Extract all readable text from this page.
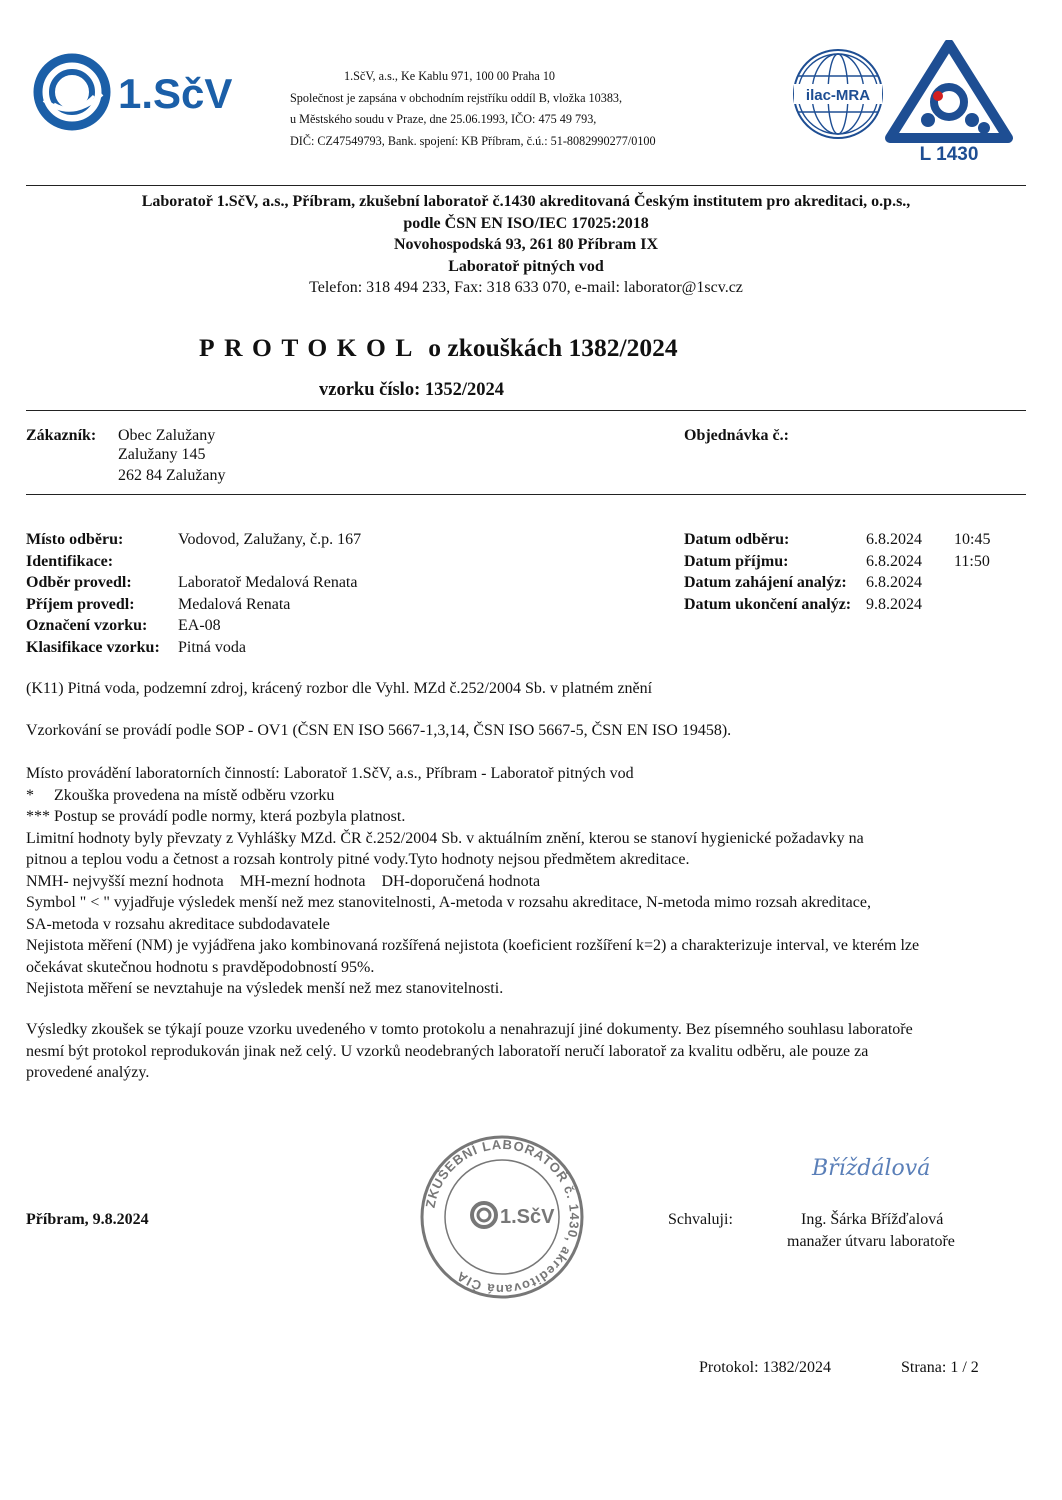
1.SčV	1.SčV, a.s., Ke Kablu 971, 100 00 Praha 10
Společnost je zapsána v obchodním rejstříku oddíl B, vložka 10383,
u Městského soudu v Praze, dne 25.06.1993, IČO: 475 49 793,
DIČ: CZ47549793, Bank. spojení: KB Příbram, č.ú.: 51-8082990277/0100
ilac-MRA
L 1430
Laboratoř 1.SčV, a.s., Příbram, zkušební laboratoř č.1430 akreditovaná Českým institutem pro akreditaci, o.p.s.,
podle ČSN EN ISO/IEC 17025:2018
Novohospodská 93, 261 80 Příbram IX
Laboratoř pitných vod
Telefon: 318 494 233, Fax: 318 633 070, e-mail: laborator@1scv.cz
PROTOKOL o zkouškách 1382/2024
vzorku číslo: 1352/2024
Zákazník: Obec Zalužany
Zalužany 145
262 84 Zalužany
Objednávka č.:
Místo odběru:	Vodovod, Zalužany, č.p. 167
Identifikace:
Odběr provedl:	Laboratoř Medalová Renata
Příjem provedl:	Medalová Renata
Označení vzorku: EA-08
Klasifikace vzorku: Pitná voda
Datum odběru:	6.8.2024 10:45
Datum příjmu:	6.8.2024 11:50
Datum zahájení analýz: 6.8.2024
Datum ukončení analýz: 9.8.2024
(K11) Pitná voda, podzemní zdroj, krácený rozbor dle Vyhl. MZd č.252/2004 Sb. v platném znění
Vzorkování se provádí podle SOP - OV1 (ČSN EN ISO 5667-1,3,14, ČSN ISO 5667-5, ČSN EN ISO 19458).
Místo provádění laboratorních činností: Laboratoř 1.SčV, a.s., Příbram - Laboratoř pitných vod
*     Zkouška provedena na místě odběru vzorku
*** Postup se provádí podle normy, která pozbyla platnost.
Limitní hodnoty byly převzaty z Vyhlášky MZd. ČR č.252/2004 Sb. v aktuálním znění, kterou se stanoví hygienické požadavky na
pitnou a teplou vodu a četnost a rozsah kontroly pitné vody.Tyto hodnoty nejsou předmětem akreditace.
NMH- nejvyšší mezní hodnota    MH-mezní hodnota    DH-doporučená hodnota
Symbol " < " vyjadřuje výsledek menší než mez stanovitelnosti, A-metoda v rozsahu akreditace, N-metoda mimo rozsah akreditace,
SA-metoda v rozsahu akreditace subdodavatele
Nejistota měření (NM) je vyjádřena jako kombinovaná rozšířená nejistota (koeficient rozšíření k=2) a charakterizuje interval, ve kterém lze
očekávat skutečnou hodnotu s pravděpodobností 95%.
Nejistota měření se nevztahuje na výsledek menší než mez stanovitelnosti.
Výsledky zkoušek se týkají pouze vzorku uvedeného v tomto protokolu a nenahrazují jiné dokumenty. Bez písemného souhlasu laboratoře
nesmí být protokol reprodukován jinak než celý. U vzorků neodebraných laboratoří neručí laboratoř za kvalitu odběru, ale pouze za
provedené analýzy.
ZKUŠEBNÍ LABORATOŘ č. 1430, akreditovaná ČIA
1.SčV
Bříždálová
Příbram, 9.8.2024	Schvaluji:	Ing. Šárka Břížďalová
manažer útvaru laboratoře
Protokol: 1382/2024	Strana: 1 / 2
